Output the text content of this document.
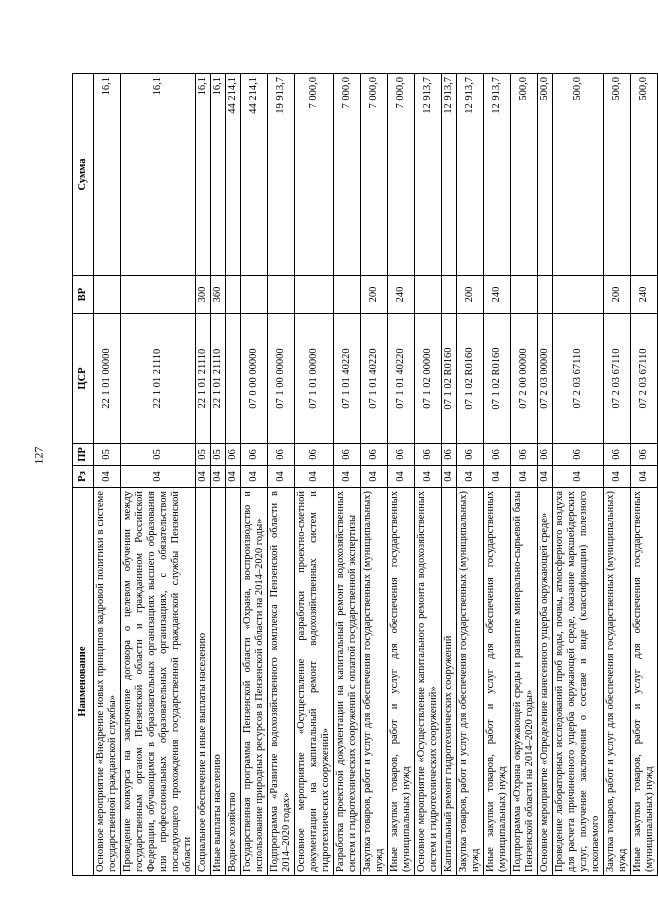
127
Наименование	Рз	ПР	ЦСР	ВР	Сумма
Основное мероприятие «Внедрение новых принципов кадровой политики в системе государственной гражданской службы»	04	05	22 1 01 00000		16,1
Проведение конкурса на заключение договора о целевом обучении между государственным органом Пензенской области и гражданином Российской Федерации, обучающимся в образовательных организациях высшего образования или профессиональных образовательных организациях, с обязательством последующего прохождения государственной гражданской службы Пензенской области	04	05	22 1 01 21110		16,1
Социальное обеспечение и иные выплаты населению	04	05	22 1 01 21110	300	16,1
Иные выплаты населению	04	05	22 1 01 21110	360	16,1
Водное хозяйство	04	06			44 214,1
Государственная программа Пензенской области «Охрана, воспроизводство и использование природных ресурсов в Пензенской области на 2014–2020 годы»	04	06	07 0 00 00000		44 214,1
Подпрограмма «Развитие водохозяйственного комплекса Пензенской области в 2014–2020 годах»	04	06	07 1 00 00000		19 913,7
Основное мероприятие «Осуществление разработки проектно-сметной документации на капитальный ремонт водохозяйственных систем и гидротехнических сооружений»	04	06	07 1 01 00000		7 000,0
Разработка проектной документации на капитальный ремонт водохозяйственных систем и гидротехнических сооружений с оплатой государственной экспертизы	04	06	07 1 01 40220		7 000,0
Закупка товаров, работ и услуг для обеспечения государственных (муниципальных) нужд	04	06	07 1 01 40220	200	7 000,0
Иные закупки товаров, работ и услуг для обеспечения государственных (муниципальных) нужд	04	06	07 1 01 40220	240	7 000,0
Основное мероприятие «Осуществление капитального ремонта водохозяйственных систем и гидротехнических сооружений»	04	06	07 1 02 00000		12 913,7
Капитальный ремонт гидротехнических сооружений	04	06	07 1 02 R0160		12 913,7
Закупка товаров, работ и услуг для обеспечения государственных (муниципальных) нужд	04	06	07 1 02 R0160	200	12 913,7
Иные закупки товаров, работ и услуг для обеспечения государственных (муниципальных) нужд	04	06	07 1 02 R0160	240	12 913,7
Подпрограмма «Охрана окружающей среды и развитие минерально-сырьевой базы Пензенской области на 2014–2020 годы»	04	06	07 2 00 00000		500,0
Основное мероприятие «Определение нанесенного ущерба окружающей среде»	04	06	07 2 03 00000		500,0
Проведение лабораторных исследований проб воды, почвы, атмосферного воздуха для расчета причиненного ущерба окружающей среде, оказание маркшейдерских услуг, получение заключения о составе и виде (классификации) полезного ископаемого	04	06	07 2 03 67110		500,0
Закупка товаров, работ и услуг для обеспечения государственных (муниципальных) нужд	04	06	07 2 03 67110	200	500,0
Иные закупки товаров, работ и услуг для обеспечения государственных (муниципальных) нужд	04	06	07 2 03 67110	240	500,0
